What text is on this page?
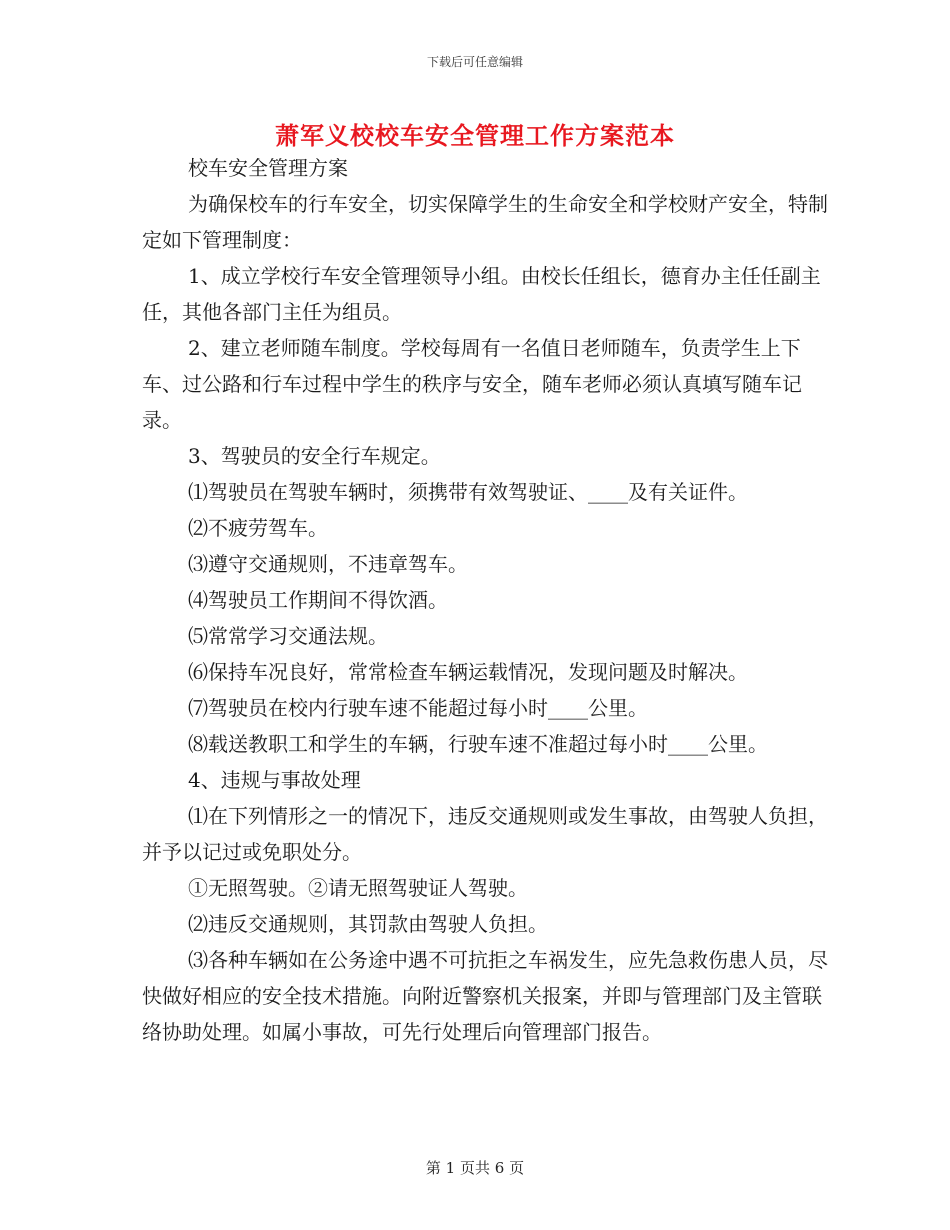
下载后可任意编辑
萧军义校校车安全管理工作方案范本

校车安全管理方案

为确保校车的行车安全，切实保障学生的生命安全和学校财产安全，特制定如下管理制度：

1、成立学校行车安全管理领导小组。由校长任组长，德育办主任任副主任，其他各部门主任为组员。

2、建立老师随车制度。学校每周有一名值日老师随车，负责学生上下车、过公路和行车过程中学生的秩序与安全，随车老师必须认真填写随车记录。

3、驾驶员的安全行车规定。

⑴驾驶员在驾驶车辆时，须携带有效驾驶证、____及有关证件。

⑵不疲劳驾车。

⑶遵守交通规则，不违章驾车。

⑷驾驶员工作期间不得饮酒。

⑸常常学习交通法规。

⑹保持车况良好，常常检查车辆运载情况，发现问题及时解决。

⑺驾驶员在校内行驶车速不能超过每小时____公里。

⑻载送教职工和学生的车辆，行驶车速不准超过每小时____公里。

4、违规与事故处理

⑴在下列情形之一的情况下，违反交通规则或发生事故，由驾驶人负担，并予以记过或免职处分。

①无照驾驶。②请无照驾驶证人驾驶。

⑵违反交通规则，其罚款由驾驶人负担。

⑶各种车辆如在公务途中遇不可抗拒之车祸发生，应先急救伤患人员，尽快做好相应的安全技术措施。向附近警察机关报案，并即与管理部门及主管联络协助处理。如属小事故，可先行处理后向管理部门报告。

第 1 页共 6 页
